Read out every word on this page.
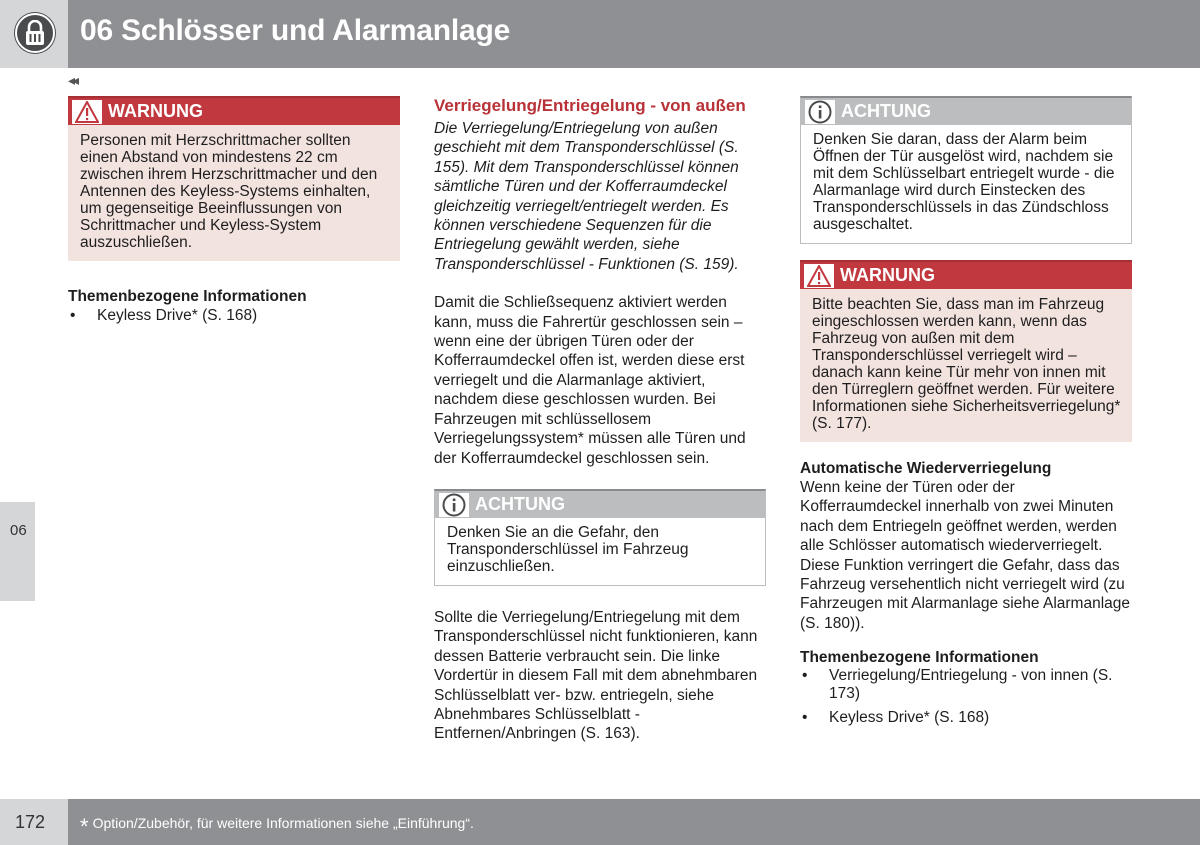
06 Schlösser und Alarmanlage
◂◂
06
WARNUNG
Personen mit Herzschrittmacher sollten einen Abstand von mindestens 22 cm zwischen ihrem Herzschrittmacher und den Antennen des Keyless-Systems einhalten, um gegenseitige Beeinflussungen von Schrittmacher und Keyless-System auszuschließen.
Themenbezogene Informationen
• Keyless Drive* (S. 168)
Verriegelung/Entriegelung - von außen
Die Verriegelung/Entriegelung von außen geschieht mit dem Transponderschlüssel (S. 155). Mit dem Transponderschlüssel können sämtliche Türen und der Kofferraumdeckel gleichzeitig verriegelt/entriegelt werden. Es können verschiedene Sequenzen für die Entriegelung gewählt werden, siehe Transponderschlüssel - Funktionen (S. 159).
Damit die Schließsequenz aktiviert werden kann, muss die Fahrertür geschlossen sein – wenn eine der übrigen Türen oder der Kofferraumdeckel offen ist, werden diese erst verriegelt und die Alarmanlage aktiviert, nachdem diese geschlossen wurden. Bei Fahrzeugen mit schlüssellosem Verriegelungssystem* müssen alle Türen und der Kofferraumdeckel geschlossen sein.
ACHTUNG
Denken Sie an die Gefahr, den Transponderschlüssel im Fahrzeug einzuschließen.
Sollte die Verriegelung/Entriegelung mit dem Transponderschlüssel nicht funktionieren, kann dessen Batterie verbraucht sein. Die linke Vordertür in diesem Fall mit dem abnehmbaren Schlüsselblatt ver- bzw. entriegeln, siehe Abnehmbares Schlüsselblatt - Entfernen/Anbringen (S. 163).
ACHTUNG
Denken Sie daran, dass der Alarm beim Öffnen der Tür ausgelöst wird, nachdem sie mit dem Schlüsselbart entriegelt wurde - die Alarmanlage wird durch Einstecken des Transponderschlüssels in das Zündschloss ausgeschaltet.
WARNUNG
Bitte beachten Sie, dass man im Fahrzeug eingeschlossen werden kann, wenn das Fahrzeug von außen mit dem Transponderschlüssel verriegelt wird – danach kann keine Tür mehr von innen mit den Türreglern geöffnet werden. Für weitere Informationen siehe Sicherheitsverriegelung* (S. 177).
Automatische Wiederverriegelung
Wenn keine der Türen oder der Kofferraumdeckel innerhalb von zwei Minuten nach dem Entriegeln geöffnet werden, werden alle Schlösser automatisch wiederverriegelt. Diese Funktion verringert die Gefahr, dass das Fahrzeug versehentlich nicht verriegelt wird (zu Fahrzeugen mit Alarmanlage siehe Alarmanlage (S. 180)).
Themenbezogene Informationen
• Verriegelung/Entriegelung - von innen (S. 173)
• Keyless Drive* (S. 168)
172 * Option/Zubehör, für weitere Informationen siehe „Einführung“.
